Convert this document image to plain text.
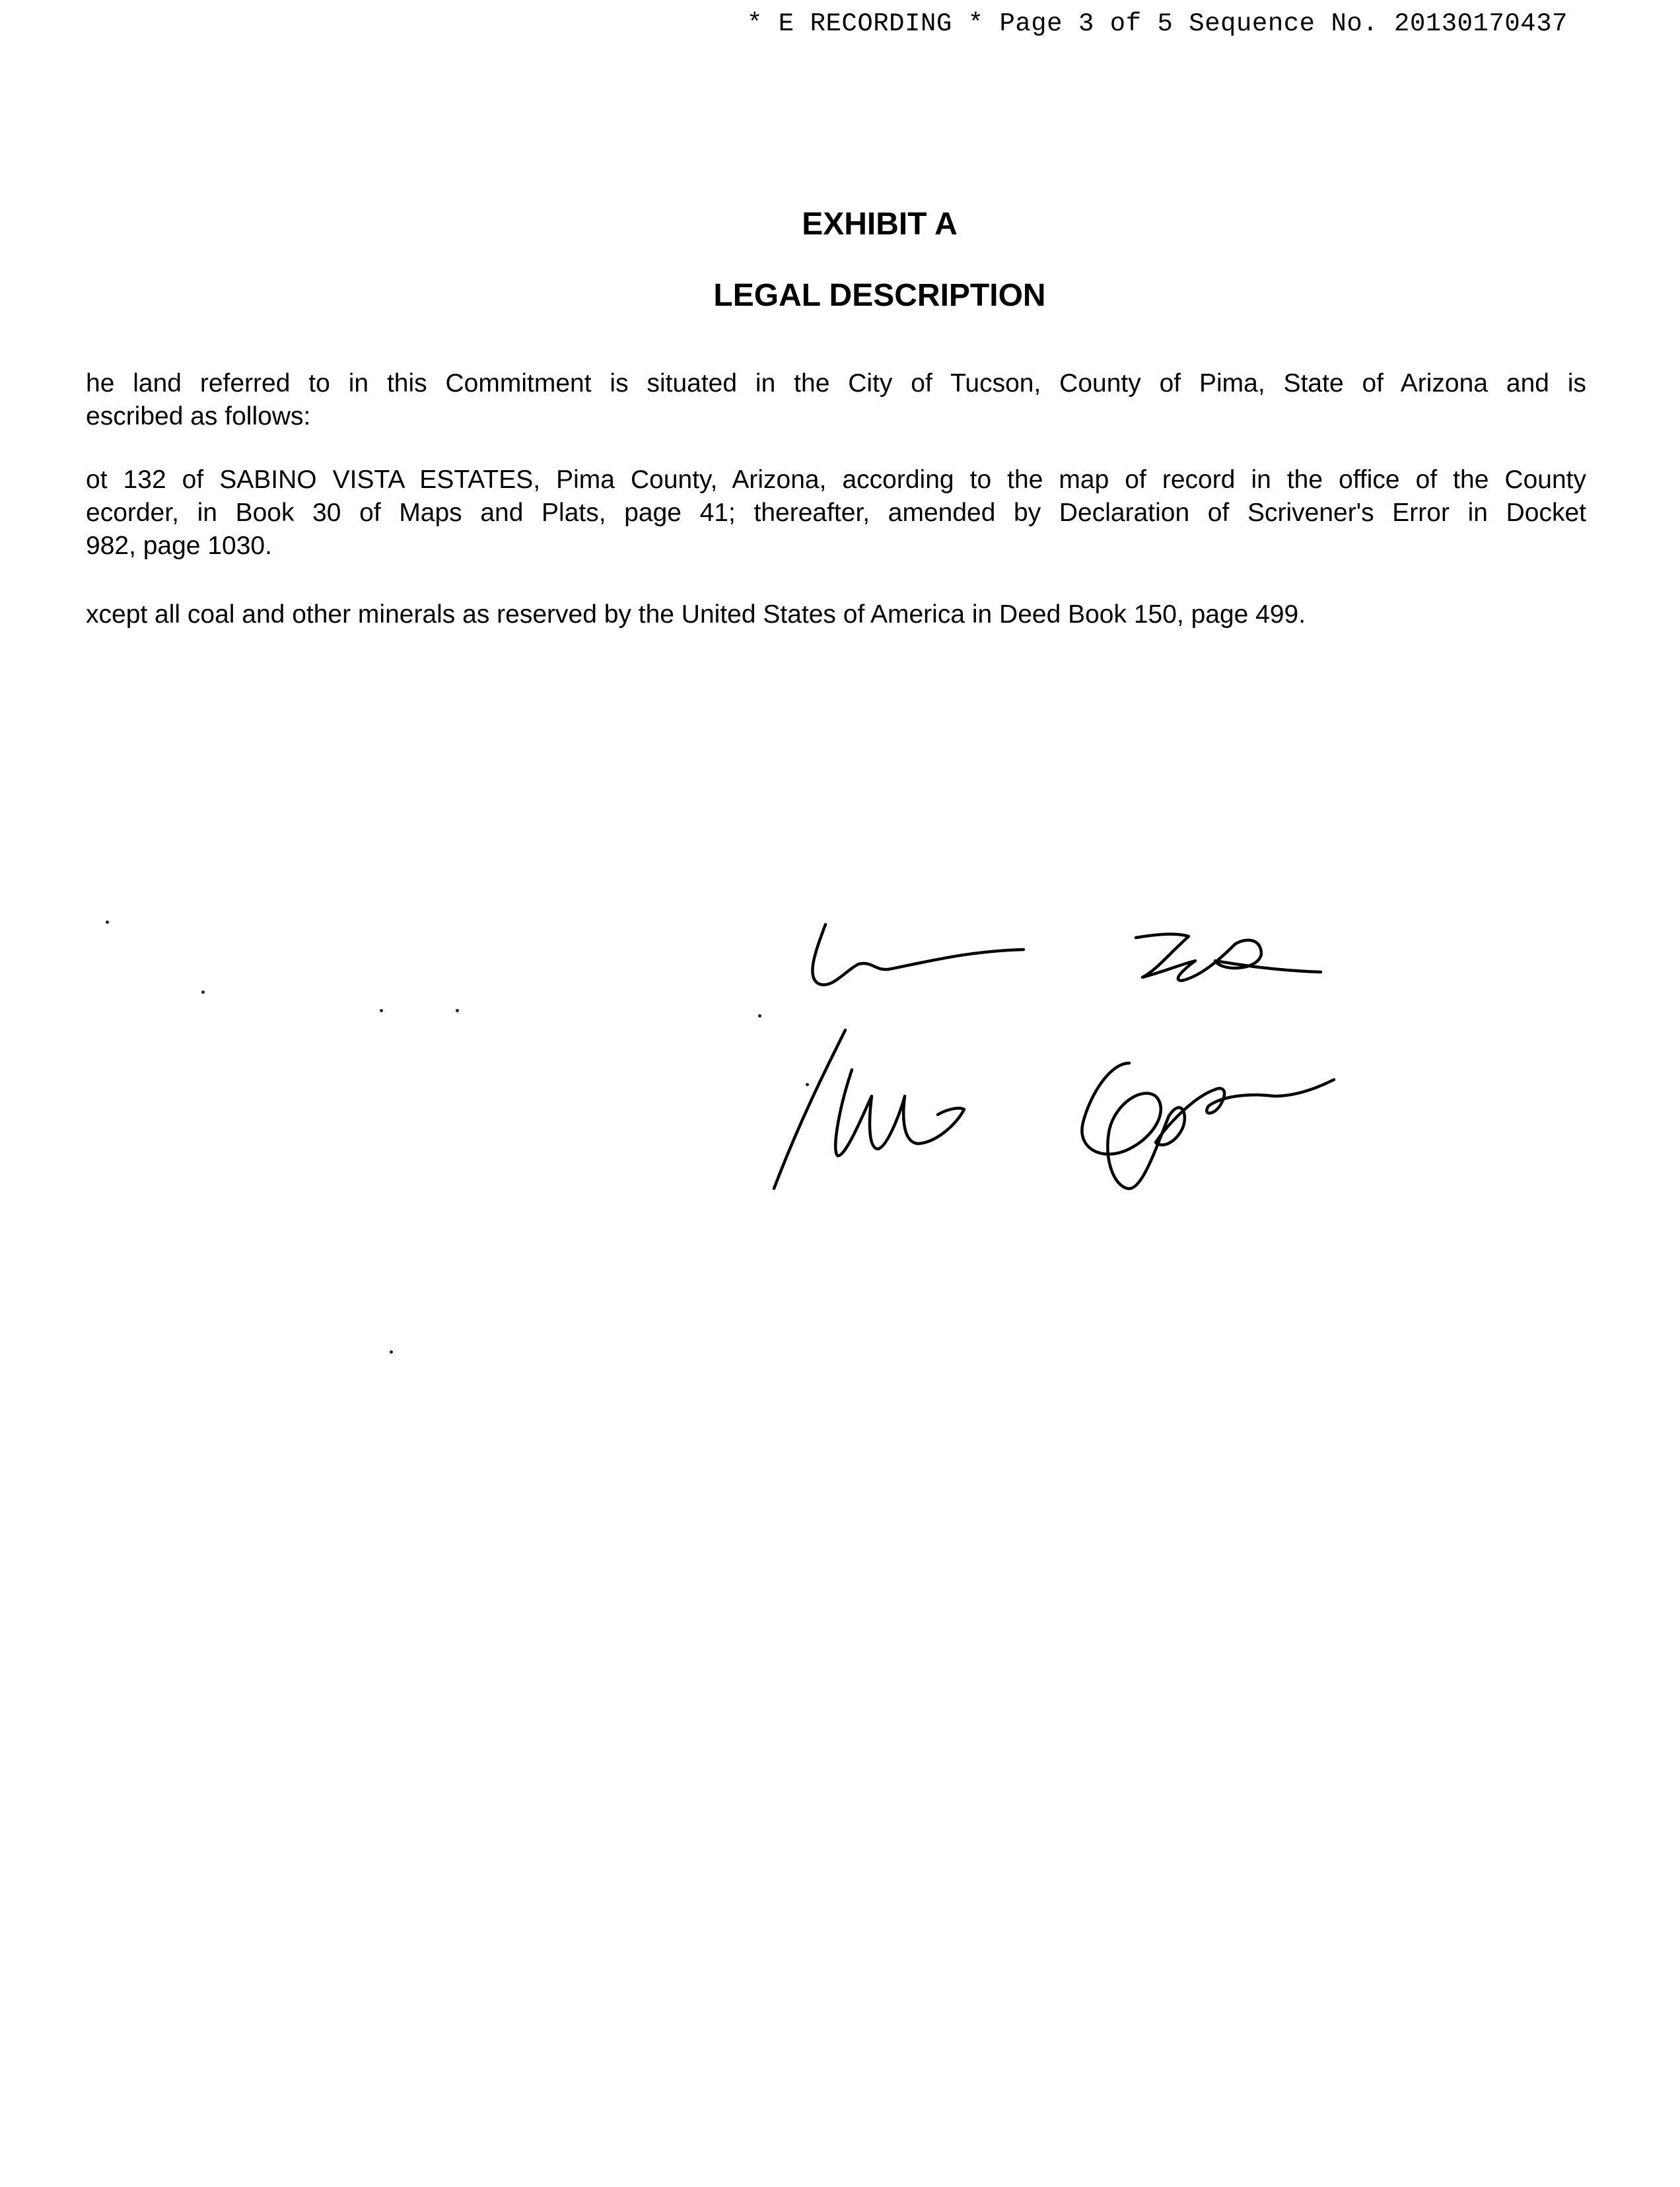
* E RECORDING * Page 3 of 5 Sequence No. 20130170437
EXHIBIT A
LEGAL DESCRIPTION
he land referred to in this Commitment is situated in the City of Tucson, County of Pima, State of Arizona and is
escribed as follows:
ot 132 of SABINO VISTA ESTATES, Pima County, Arizona, according to the map of record in the office of the County
ecorder, in Book 30 of Maps and Plats, page 41; thereafter, amended by Declaration of Scrivener's Error in Docket
982, page 1030.
xcept all coal and other minerals as reserved by the United States of America in Deed Book 150, page 499.
